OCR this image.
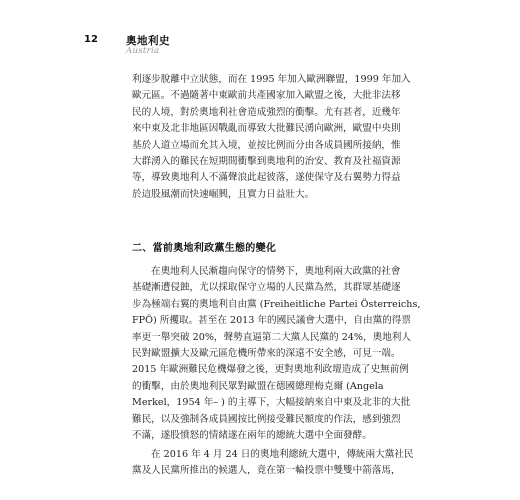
12	奧地利史
Austria
利逐步脫離中立狀態，而在 1995 年加入歐洲聯盟，1999 年加入
歐元區。不過隨著中東歐前共產國家加入歐盟之後，大批非法移
民的人境，對於奧地利社會造成強烈的衝擊。尤有甚者，近幾年
來中東及北非地區因戰亂而導致大批難民湧向歐洲，歐盟中央則
基於人道立場而允其入境，並按比例而分由各成員國所接納，惟
大群湧入的難民在短期間衝擊到奧地利的治安、教育及社福資源
等，導致奧地利人不滿聲浪此起彼落，遂使保守及右翼勢力得益
於這股風潮而快速崛興，且實力日益壯大。
二、當前奧地利政黨生態的變化
在奧地利人民漸趨向保守的情勢下，奧地利兩大政黨的社會
基礎漸遭侵蝕，尤以採取保守立場的人民黨為然，其群眾基礎逐
步為極端右翼的奧地利自由黨 (Freiheitliche Partei Österreichs,
FPÖ) 所攫取。甚至在 2013 年的國民議會大選中，自由黨的得票
率更一舉突破 20%，聲勢直逼第二大黨人民黨的 24%，奧地利人
民對歐盟擴大及歐元區危機所帶來的深遠不安全感，可見一端。
2015 年歐洲難民危機爆發之後，更對奧地利政壇造成了史無前例
的衝擊，由於奧地利民眾對歐盟在德國總理梅克爾 (Angela
Merkel，1954 年– ) 的主導下，大幅接納來自中東及北非的大批
難民，以及強制各成員國按比例接受難民額度的作法，感到強烈
不滿，遂股憤怒的情緒遂在兩年的總統大選中全面發酵。
在 2016 年 4 月 24 日的奧地利總統大選中，傳統兩大黨社民
黨及人民黨所推出的候選人，竟在第一輪投票中雙雙中箭落馬，
